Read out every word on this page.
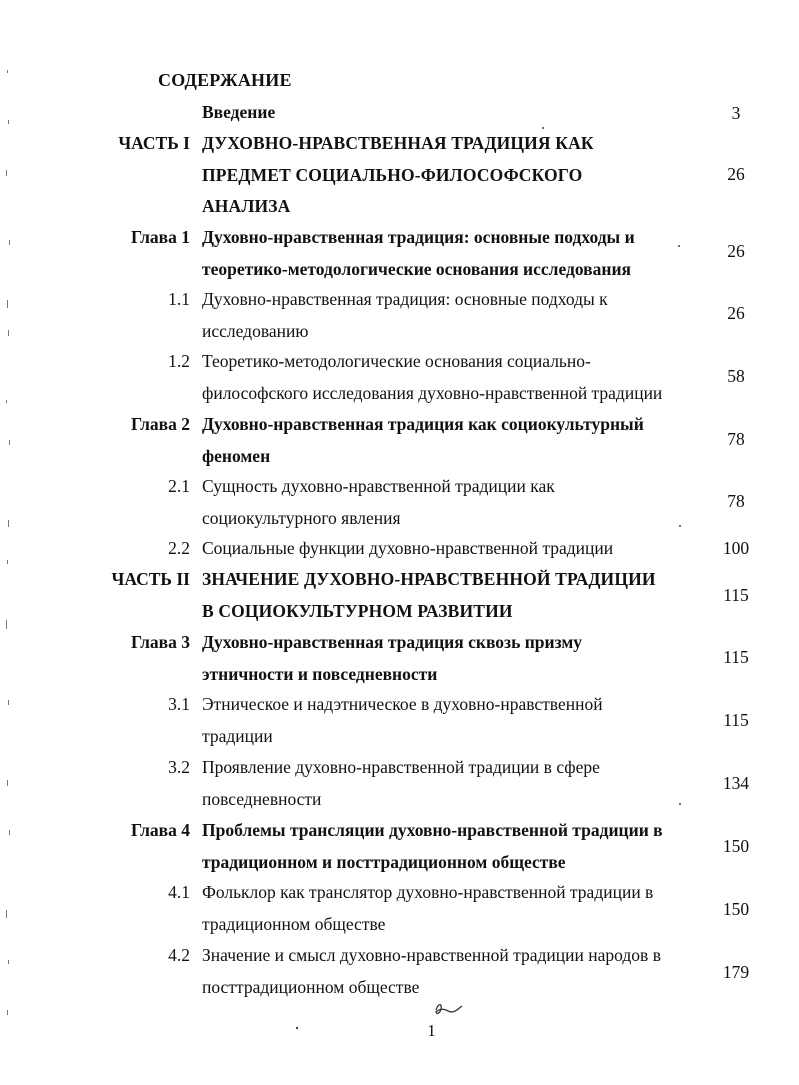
СОДЕРЖАНИЕ
Введение	3
ЧАСТЬ I ДУХОВНО-НРАВСТВЕННАЯ ТРАДИЦИЯ КАК
ПРЕДМЕТ СОЦИАЛЬНО-ФИЛОСОФСКОГО
АНАЛИЗА
26
Глава 1 Духовно-нравственная традиция: основные подходы и
теоретико-методологические основания исследования
26
1.1 Духовно-нравственная традиция: основные подходы к
исследованию
26
1.2 Теоретико-методологические основания социально-
философского исследования духовно-нравственной традиции
58
Глава 2 Духовно-нравственная традиция как социокультурный
феномен
78
2.1 Сущность духовно-нравственной традиции как
социокультурного явления
78
2.2 Социальные функции духовно-нравственной традиции	100
ЧАСТЬ II ЗНАЧЕНИЕ ДУХОВНО-НРАВСТВЕННОЙ ТРАДИЦИИ
В СОЦИОКУЛЬТУРНОМ РАЗВИТИИ
115
Глава 3 Духовно-нравственная традиция сквозь призму
этничности и повседневности
115
3.1 Этническое и надэтническое в духовно-нравственной
традиции
115
3.2 Проявление духовно-нравственной традиции в сфере
повседневности
134
Глава 4 Проблемы трансляции духовно-нравственной традиции в
традиционном и посттрадиционном обществе
150
4.1 Фольклор как транслятор духовно-нравственной традиции в
традиционном обществе
150
4.2 Значение и смысл духовно-нравственной традиции народов в
посттрадиционном обществе
179
1
